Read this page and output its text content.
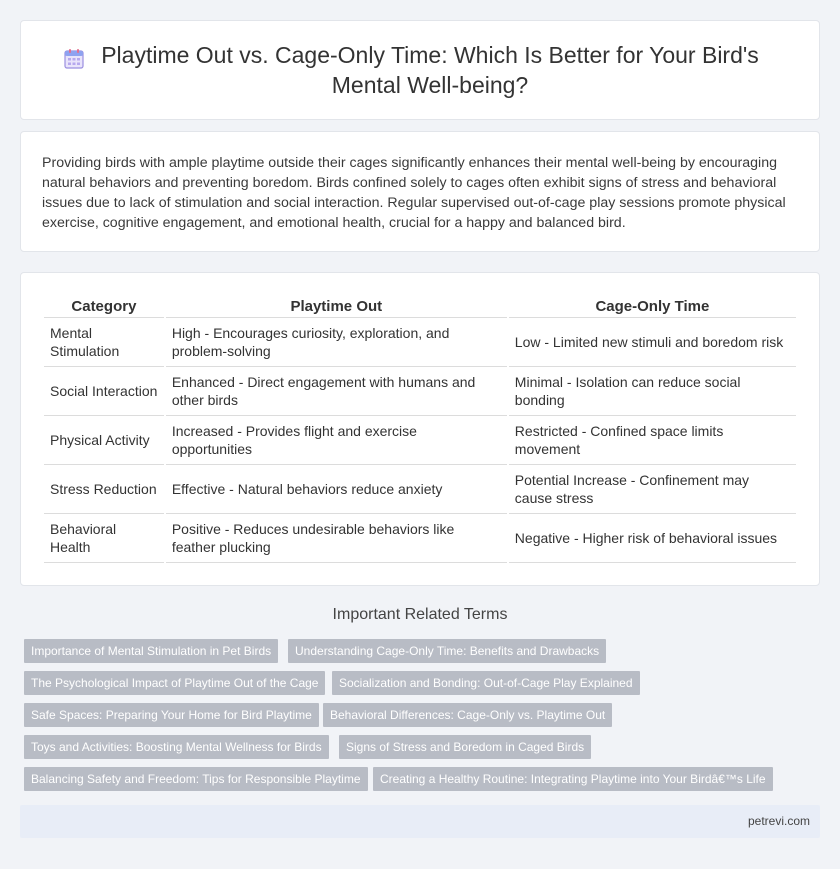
Playtime Out vs. Cage-Only Time: Which Is Better for Your Bird's Mental Well-being?

Providing birds with ample playtime outside their cages significantly enhances their mental well-being by encouraging natural behaviors and preventing boredom. Birds confined solely to cages often exhibit signs of stress and behavioral issues due to lack of stimulation and social interaction. Regular supervised out-of-cage play sessions promote physical exercise, cognitive engagement, and emotional health, crucial for a happy and balanced bird.

Category	Playtime Out	Cage-Only Time
Mental Stimulation	High - Encourages curiosity, exploration, and problem-solving	Low - Limited new stimuli and boredom risk
Social Interaction	Enhanced - Direct engagement with humans and other birds	Minimal - Isolation can reduce social bonding
Physical Activity	Increased - Provides flight and exercise opportunities	Restricted - Confined space limits movement
Stress Reduction	Effective - Natural behaviors reduce anxiety	Potential Increase - Confinement may cause stress
Behavioral Health	Positive - Reduces undesirable behaviors like feather plucking	Negative - Higher risk of behavioral issues
Important Related Terms
Importance of Mental Stimulation in Pet Birds	Understanding Cage-Only Time: Benefits and Drawbacks
The Psychological Impact of Playtime Out of the Cage	Socialization and Bonding: Out-of-Cage Play Explained
Safe Spaces: Preparing Your Home for Bird Playtime	Behavioral Differences: Cage-Only vs. Playtime Out
Toys and Activities: Boosting Mental Wellness for Birds	Signs of Stress and Boredom in Caged Birds
Balancing Safety and Freedom: Tips for Responsible Playtime	Creating a Healthy Routine: Integrating Playtime into Your Birdâ€™s Life
petrevi.com
